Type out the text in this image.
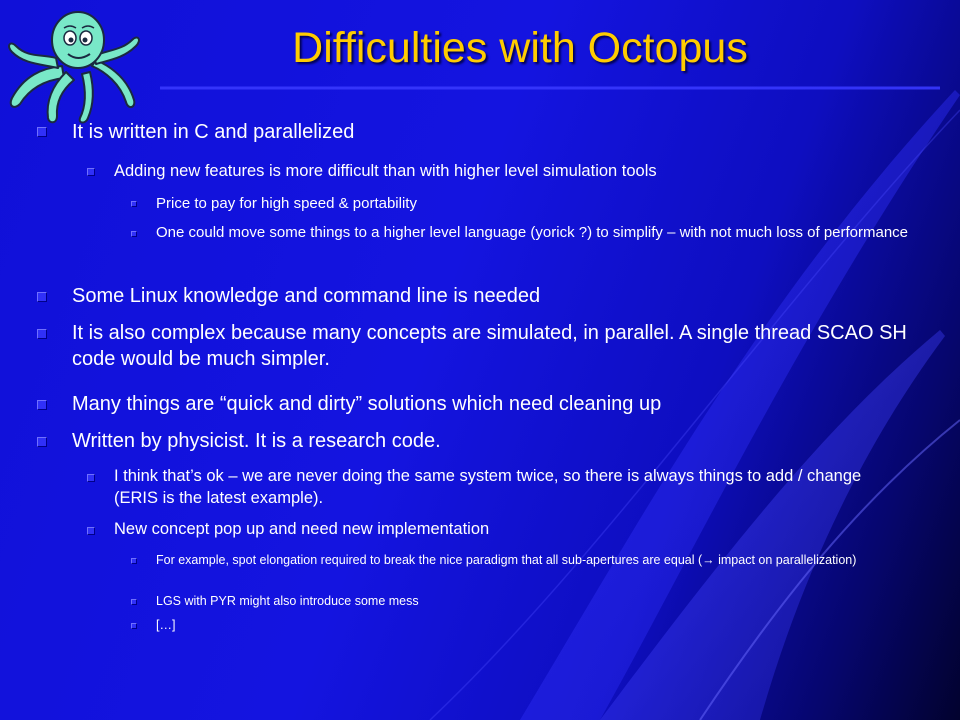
Difficulties with Octopus
It is written in C and parallelized
Adding new features is more difficult than with higher level simulation tools
Price to pay for high speed & portability
One could move some things to a higher level language (yorick ?) to simplify – with not much loss of performance
Some Linux knowledge and command line is needed
It is also complex because many concepts are simulated, in parallel. A single thread SCAO SH code would be much simpler.
Many things are “quick and dirty” solutions which need cleaning up
Written by physicist. It is a research code.
I think that’s ok – we are never doing the same system twice, so there is always things to add / change (ERIS is the latest example).
New concept pop up and need new implementation
For example, spot elongation required to break the nice paradigm that all sub-apertures are equal (→ impact on parallelization)
LGS with PYR might also introduce some mess
[…]
